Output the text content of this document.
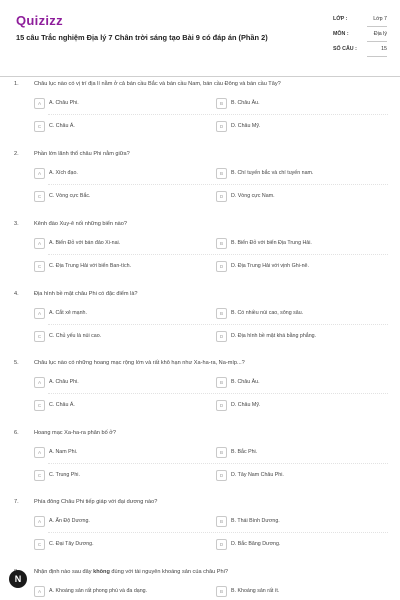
Quizizz
15 câu Trắc nghiệm Địa lý 7 Chân trời sáng tạo Bài 9 có đáp án (Phần 2)
LỚP :	Lớp 7
MÔN :	Địa lý
SỐ CÂU :	15
1.	Châu lục nào có vị trí địa lí nằm ở cả bán cầu Bắc và bán cầu Nam, bán cầu Đông và bán cầu Tây?
A	A. Châu Phi.	B	B. Châu Âu.
C	C. Châu Á.	D	D. Châu Mỹ.
2.	Phần lớn lãnh thổ châu Phi nằm giữa?
A	A. Xích đạo.	B	B. Chí tuyến bắc và chí tuyến nam.
C	C. Vòng cực Bắc.	D	D. Vòng cực Nam.
3.	Kênh đào Xuy-ê nối những biển nào?
A	A. Biển Đỏ với bán đảo Xi-nai.	B	B. Biển Đỏ với biển Địa Trung Hải.
C	C. Địa Trung Hải với biển Ban-tích.	D	D. Địa Trung Hải với vịnh Ghi-nê.
4.	Địa hình bề mặt châu Phi có đặc điểm là?
A	A. Cắt xẻ mạnh.	B	B. Có nhiều núi cao, sông sâu.
C	C. Chủ yếu là núi cao.	D	D. Địa hình bề mặt khá bằng phẳng.
5.	Châu lục nào có những hoang mạc rộng lớn và rất khô hạn như Xa-ha-ra, Na-míp...?
A	A. Châu Phi.	B	B. Châu Âu.
C	C. Châu Á.	D	D. Châu Mỹ.
6.	Hoang mạc Xa-ha-ra phân bố ở?
A	A. Nam Phi.	B	B. Bắc Phi.
C	C. Trung Phi.	D	D. Tây Nam Châu Phi.
7.	Phía đông Châu Phi tiếp giáp với đại dương nào?
A	A. Ấn Độ Dương.	B	B. Thái Bình Dương.
C	C. Đại Tây Dương.	D	D. Bắc Băng Dương.
Nhận định nào sau đây không đúng với tài nguyên khoáng sản của châu Phi?
A	A. Khoáng sản rất phong phú và đa dạng.	B	B. Khoáng sản rất ít.
N
